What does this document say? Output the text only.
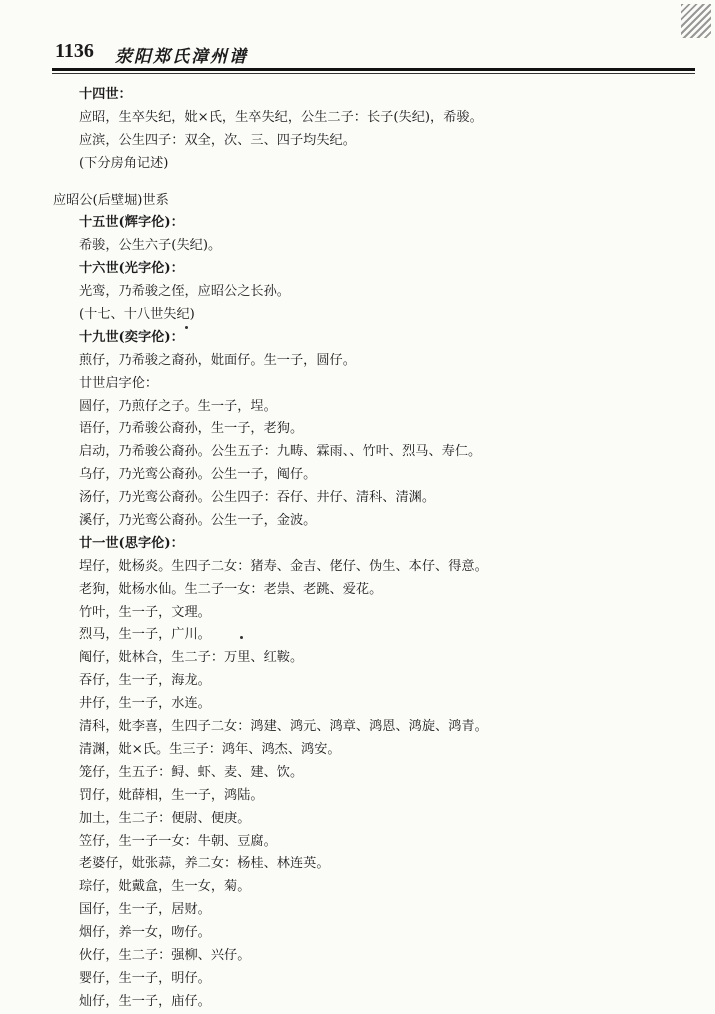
1136 荥阳郑氏漳州谱
十四世：
应昭，生卒失纪，妣×氏，生卒失纪，公生二子：长子(失纪)，希骏。
应滨，公生四子：双全，次、三、四子均失纪。
(下分房角记述)
应昭公(后壁堀)世系
十五世(辉字伦)：
希骏，公生六子(失纪)。
十六世(光字伦)：
光鸾，乃希骏之侄，应昭公之长孙。
(十七、十八世失纪)
十九世(奕字伦)：
煎仔，乃希骏之裔孙，妣面仔。生一子，圆仔。
廿世启字伦：
圆仔，乃煎仔之子。生一子，埕。
语仔，乃希骏公裔孙，生一子，老狗。
启动，乃希骏公裔孙。公生五子：九畴、霖雨、、竹叶、烈马、寿仁。
乌仔，乃光鸾公裔孙。公生一子，阄仔。
汤仔，乃光鸾公裔孙。公生四子：吞仔、井仔、清科、清渊。
溪仔，乃光鸾公裔孙。公生一子，金波。
廿一世(思字伦)：
埕仔，妣杨炎。生四子二女：猪寿、金吉、佬仔、伪生、本仔、得意。
老狗，妣杨水仙。生二子一女：老祟、老跳、爱花。
竹叶，生一子，文理。
烈马，生一子，广川。
阄仔，妣林合，生二子：万里、红鞍。
吞仔，生一子，海龙。
井仔，生一子，水连。
清科，妣李喜，生四子二女：鸿建、鸿元、鸿章、鸿恩、鸿旋、鸿青。
清渊，妣×氏。生三子：鸿年、鸿杰、鸿安。
笼仔，生五子：鲟、虾、麦、建、饮。
罚仔，妣薛相，生一子，鸿陆。
加土，生二子：便尉、便庚。
笠仔，生一子一女：牛朝、豆腐。
老婆仔，妣张蒜，养二女：杨桂、林连英。
琮仔，妣戴盒，生一女，菊。
国仔，生一子，居财。
烟仔，养一女，吻仔。
伙仔，生二子：强柳、兴仔。
婴仔，生一子，明仔。
灿仔，生一子，庙仔。
